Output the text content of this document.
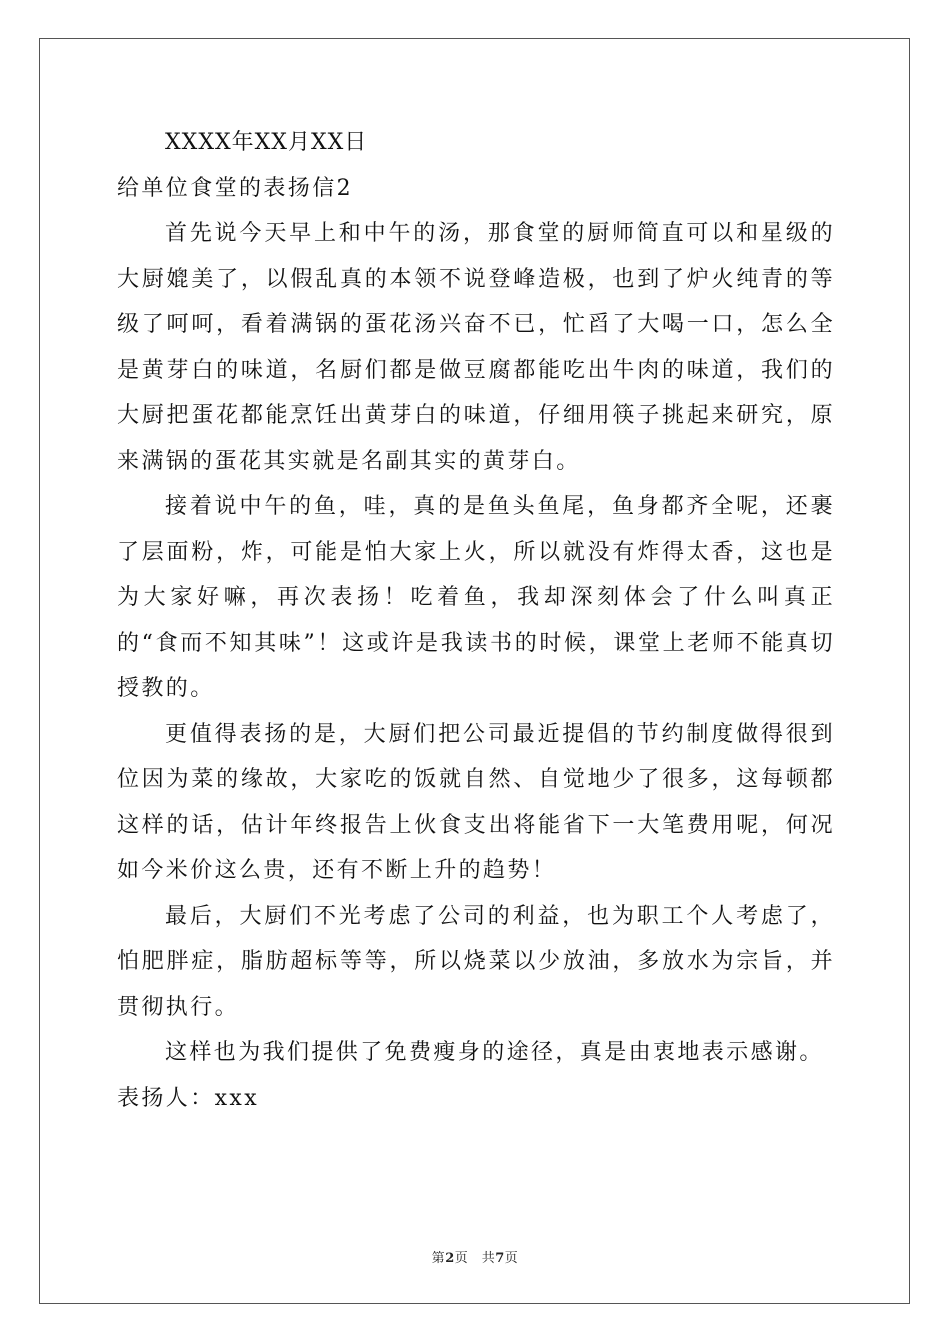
XXXX年XX月XX日
给单位食堂的表扬信2

首先说今天早上和中午的汤，那食堂的厨师简直可以和星级的大厨媲美了，以假乱真的本领不说登峰造极，也到了炉火纯青的等级了呵呵，看着满锅的蛋花汤兴奋不已，忙舀了大喝一口，怎么全是黄芽白的味道，名厨们都是做豆腐都能吃出牛肉的味道，我们的大厨把蛋花都能烹饪出黄芽白的味道，仔细用筷子挑起来研究，原来满锅的蛋花其实就是名副其实的黄芽白。

接着说中午的鱼，哇，真的是鱼头鱼尾，鱼身都齐全呢，还裹了层面粉，炸，可能是怕大家上火，所以就没有炸得太香，这也是为大家好嘛，再次表扬！吃着鱼，我却深刻体会了什么叫真正的“食而不知其味”！这或许是我读书的时候，课堂上老师不能真切授教的。

更值得表扬的是，大厨们把公司最近提倡的节约制度做得很到位因为菜的缘故，大家吃的饭就自然、自觉地少了很多，这每顿都这样的话，估计年终报告上伙食支出将能省下一大笔费用呢，何况如今米价这么贵，还有不断上升的趋势！

最后，大厨们不光考虑了公司的利益，也为职工个人考虑了，怕肥胖症，脂肪超标等等，所以烧菜以少放油，多放水为宗旨，并贯彻执行。

这样也为我们提供了免费瘦身的途径，真是由衷地表示感谢。

表扬人：xxx
第2页　共7页
